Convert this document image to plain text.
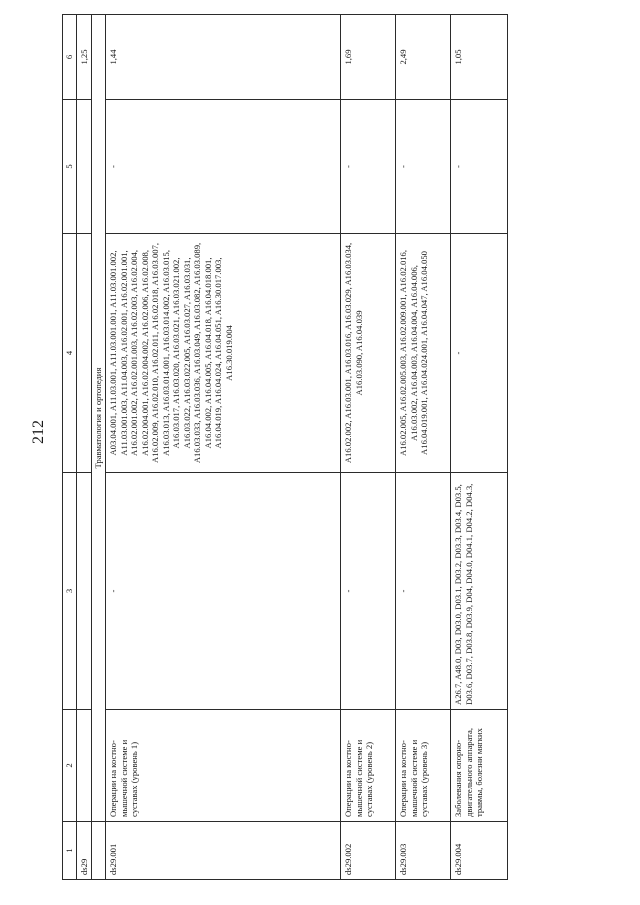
212
1	2	3	4	5	6
ds29					1,25
	Травматология и ортопедия				
ds29.001	Операции на костно-мышечной системе и суставах (уровень 1)	-	A03.04.001, A11.03.001, A11.03.001.001, A11.03.001.002, A11.03.001.003, A11.04.003, A16.02.001, A16.02.001.001, A16.02.001.002, A16.02.001.003, A16.02.003, A16.02.004, A16.02.004.001, A16.02.004.002, A16.02.006, A16.02.008, A16.02.009, A16.02.010, A16.02.011, A16.02.018, A16.03.007, A16.03.013, A16.03.014.001, A16.03.014.002, A16.03.015, A16.03.017, A16.03.020, A16.03.021, A16.03.021.002, A16.03.022, A16.03.022.005, A16.03.027, A16.03.031, A16.03.033, A16.03.036, A16.03.049, A16.03.082, A16.03.089, A16.04.002, A16.04.005, A16.04.018, A16.04.018.001, A16.04.019, A16.04.024, A16.04.051, A16.30.017.003, A16.30.019.004	-	1,44
ds29.002	Операции на костно-мышечной системе и суставах (уровень 2)	-	A16.02.002, A16.03.001, A16.03.016, A16.03.029, A16.03.034, A16.03.090, A16.04.039	-	1,69
ds29.003	Операции на костно-мышечной системе и суставах (уровень 3)	-	A16.02.005, A16.02.005.003, A16.02.009.001, A16.02.016, A16.03.002, A16.04.003, A16.04.004, A16.04.006, A16.04.019.001, A16.04.024.001, A16.04.047, A16.04.050	-	2,49
ds29.004	Заболевания опорно-двигательного аппарата, травмы, болезни мягких	A26.7, A48.0, D03, D03.0, D03.1, D03.2, D03.3, D03.4, D03.5, D03.6, D03.7, D03.8, D03.9, D04, D04.0, D04.1, D04.2, D04.3,	-	-	1,05
